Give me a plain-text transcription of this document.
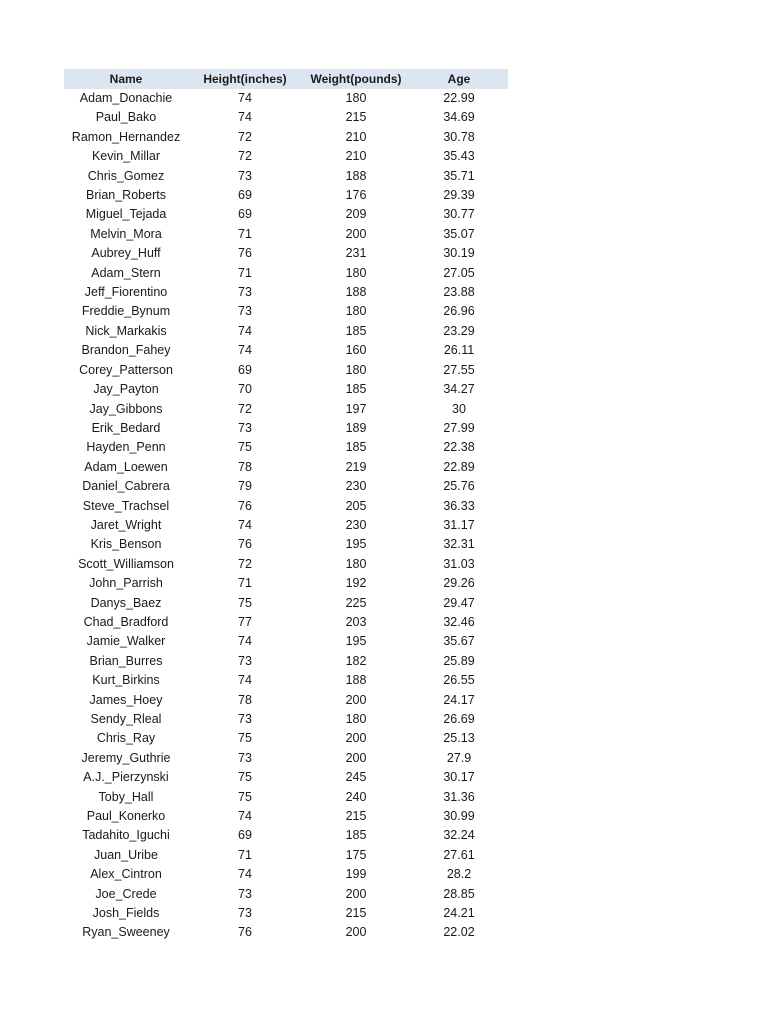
Name	Height(inches)	Weight(pounds)	Age
Adam_Donachie	74	180	22.99
Paul_Bako	74	215	34.69
Ramon_Hernandez	72	210	30.78
Kevin_Millar	72	210	35.43
Chris_Gomez	73	188	35.71
Brian_Roberts	69	176	29.39
Miguel_Tejada	69	209	30.77
Melvin_Mora	71	200	35.07
Aubrey_Huff	76	231	30.19
Adam_Stern	71	180	27.05
Jeff_Fiorentino	73	188	23.88
Freddie_Bynum	73	180	26.96
Nick_Markakis	74	185	23.29
Brandon_Fahey	74	160	26.11
Corey_Patterson	69	180	27.55
Jay_Payton	70	185	34.27
Jay_Gibbons	72	197	30
Erik_Bedard	73	189	27.99
Hayden_Penn	75	185	22.38
Adam_Loewen	78	219	22.89
Daniel_Cabrera	79	230	25.76
Steve_Trachsel	76	205	36.33
Jaret_Wright	74	230	31.17
Kris_Benson	76	195	32.31
Scott_Williamson	72	180	31.03
John_Parrish	71	192	29.26
Danys_Baez	75	225	29.47
Chad_Bradford	77	203	32.46
Jamie_Walker	74	195	35.67
Brian_Burres	73	182	25.89
Kurt_Birkins	74	188	26.55
James_Hoey	78	200	24.17
Sendy_Rleal	73	180	26.69
Chris_Ray	75	200	25.13
Jeremy_Guthrie	73	200	27.9
A.J._Pierzynski	75	245	30.17
Toby_Hall	75	240	31.36
Paul_Konerko	74	215	30.99
Tadahito_Iguchi	69	185	32.24
Juan_Uribe	71	175	27.61
Alex_Cintron	74	199	28.2
Joe_Crede	73	200	28.85
Josh_Fields	73	215	24.21
Ryan_Sweeney	76	200	22.02
